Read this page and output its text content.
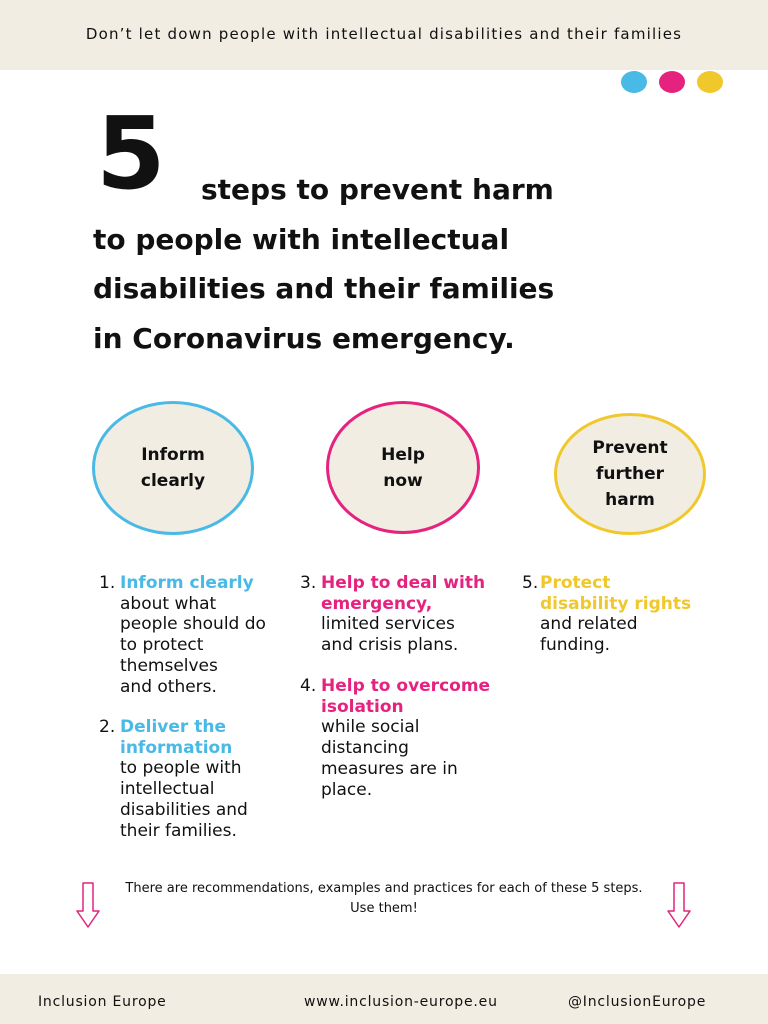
Don’t let down people with intellectual disabilities and their families
5 steps to prevent harm
to people with intellectual
disabilities and their families
in Coronavirus emergency.
Inform
clearly
Help
now
Prevent
further
harm
1. Inform clearly
about what
people should do
to protect
themselves
and others.
2. Deliver the
information
to people with
intellectual
disabilities and
their families.
3. Help to deal with
emergency,
limited services
and crisis plans.
4. Help to overcome
isolation
while social
distancing
measures are in
place.
5. Protect
disability rights
and related
funding.
There are recommendations, examples and practices for each of these 5 steps.
Use them!
Inclusion Europe	www.inclusion-europe.eu	@InclusionEurope
